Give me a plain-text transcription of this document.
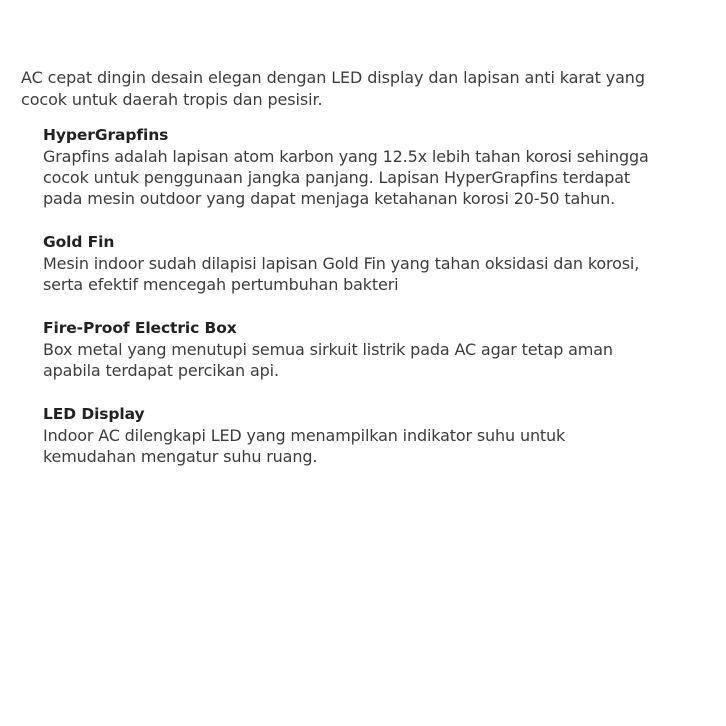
AC cepat dingin desain elegan dengan LED display dan lapisan anti karat yang
cocok untuk daerah tropis dan pesisir.

HyperGrapfins
Grapfins adalah lapisan atom karbon yang 12.5x lebih tahan korosi sehingga
cocok untuk penggunaan jangka panjang. Lapisan HyperGrapfins terdapat
pada mesin outdoor yang dapat menjaga ketahanan korosi 20-50 tahun.
Gold Fin
Mesin indoor sudah dilapisi lapisan Gold Fin yang tahan oksidasi dan korosi,
serta efektif mencegah pertumbuhan bakteri
Fire-Proof Electric Box
Box metal yang menutupi semua sirkuit listrik pada AC agar tetap aman
apabila terdapat percikan api.
LED Display
Indoor AC dilengkapi LED yang menampilkan indikator suhu untuk
kemudahan mengatur suhu ruang.
